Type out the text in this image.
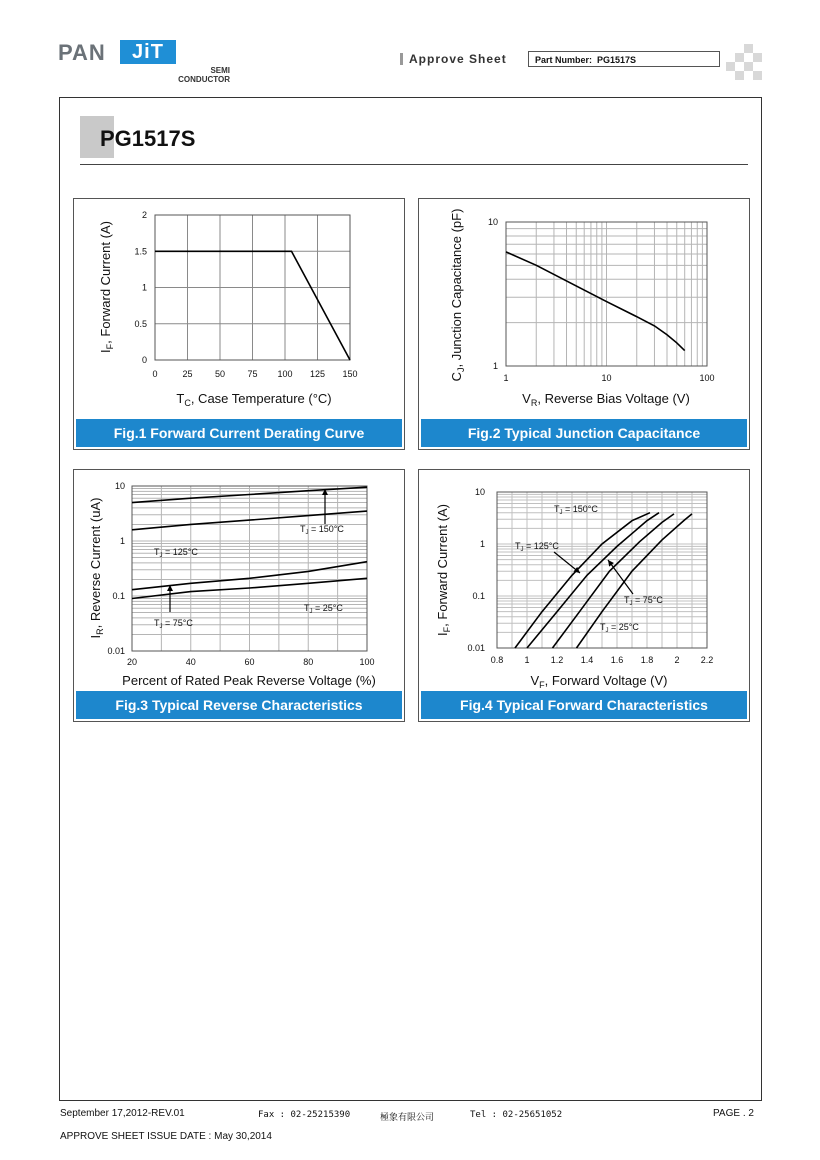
PAN	JiT
SEMI
CONDUCTOR
Approve Sheet	Part Number: PG1517S
PG1517S
0	25 50 75 100 125 150
0
0.5
1
1.5
2
$T_C$, Case Temperature (°C)
$I_F$, Forward Current (A)
Fig.1 Forward Current Derating Curve
1	10	100
1
10
$V_R$, Reverse Bias Voltage (V)
$C_J$, Junction Capacitance (pF)
Fig.2 Typical Junction Capacitance
20	40	60	80	100
0.01
0.1
1
10
$T_J = 150^\circ C$
$T_J = 125^\circ C$
$T_J = 75^\circ C$
$T_J = 25^\circ C$
Percent of Rated Peak Reverse Voltage (%)
$I_R$, Reverse Current (uA)
Fig.3 Typical Reverse Characteristics
0.8 1 1.2 1.4 1.6 1.8 2 2.2
0.01
0.1
1
10
$T_J = 150^\circ C$
$T_J = 125^\circ C$
$T_J = 75^\circ C$
$T_J = 25^\circ C$
$V_F$, Forward Voltage (V)
$I_F$, Forward Current (A)
Fig.4 Typical Forward Characteristics
September 17,2012-REV.01	Fax : 02-25215390	極象有限公司	Tel : 02-25651052	PAGE . 2
APPROVE SHEET ISSUE DATE : May 30,2014
